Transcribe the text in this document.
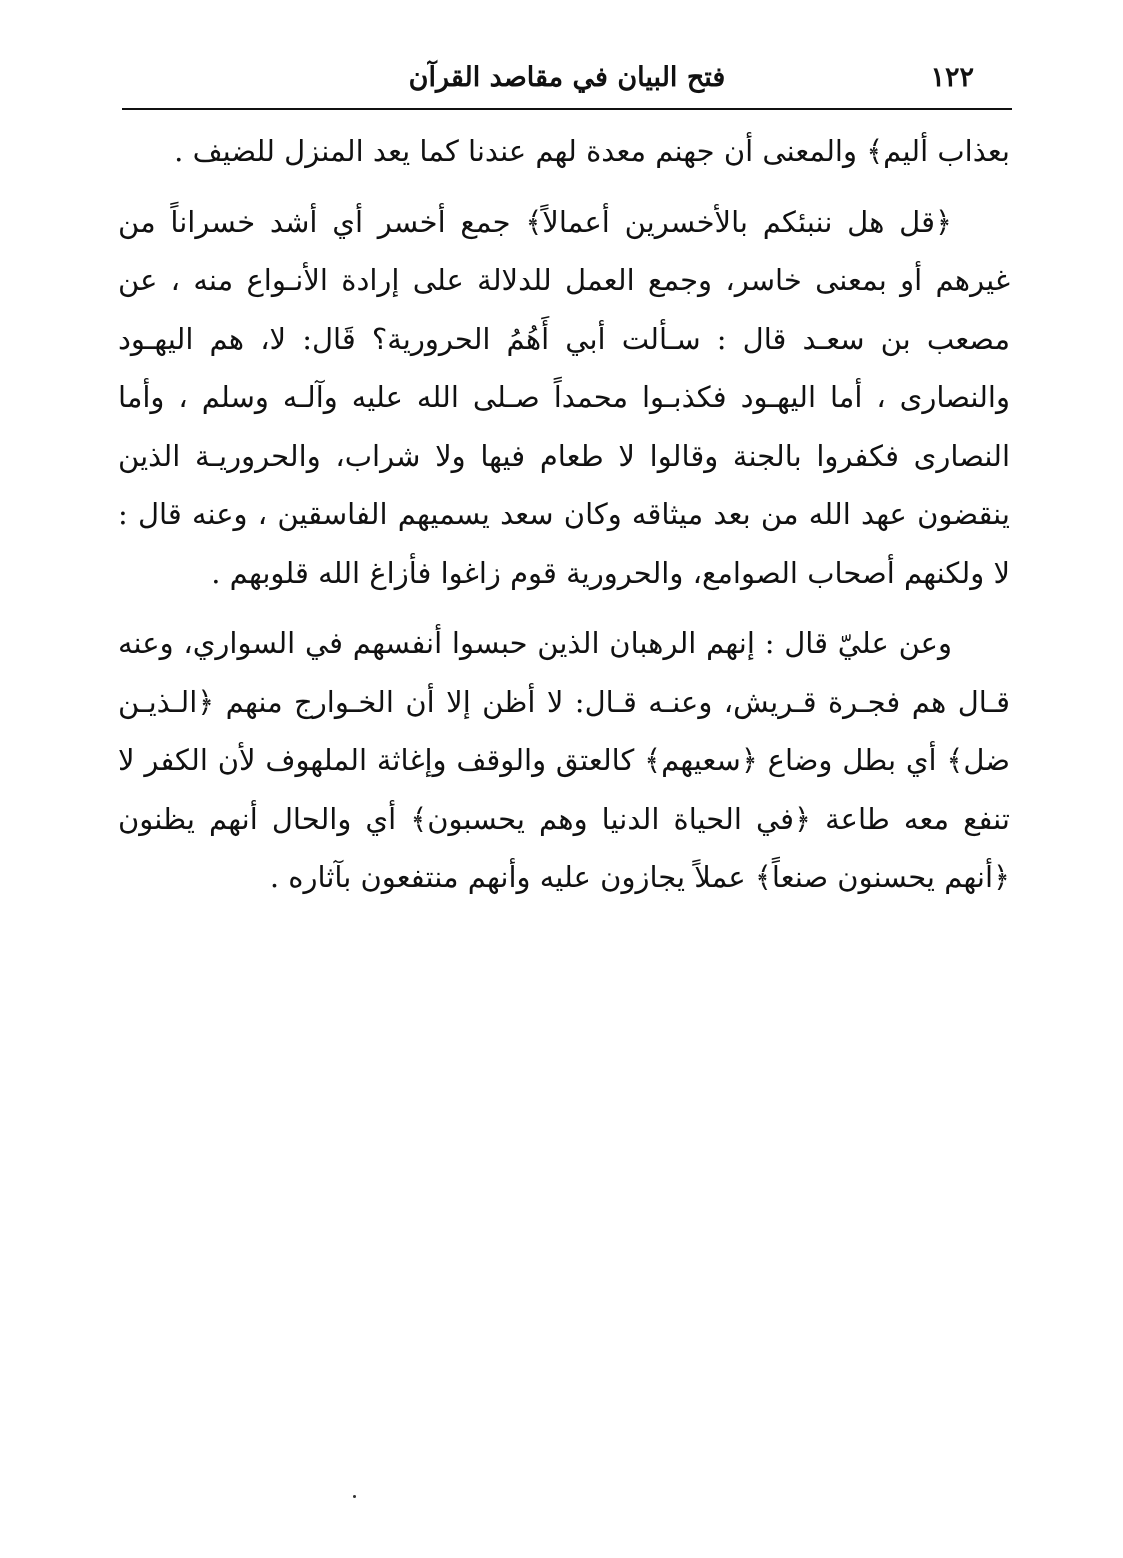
١٢٢
فتح البيان في مقاصد القرآن

بعذاب أليم﴾ والمعنى أن جهنم معدة لهم عندنا كما يعد المنزل للضيف .

﴿قل هل ننبئكم بالأخسرين أعمالاً﴾ جمع أخسر أي أشد خسراناً من غيرهم أو بمعنى خاسر، وجمع العمل للدلالة على إرادة الأنـواع منه ، عن مصعب بن سعـد قال : سـألت أبي أَهُمُ الحرورية؟ قَال: لا، هم اليهـود والنصارى ، أما اليهـود فكذبـوا محمداً صـلى الله عليه وآلـه وسلم ، وأما النصارى فكفروا بالجنة وقالوا لا طعام فيها ولا شراب، والحروريـة الذين ينقضون عهد الله من بعد ميثاقه وكان سعد يسميهم الفاسقين ، وعنه قال : لا ولكنهم أصحاب الصوامع، والحرورية قوم زاغوا فأزاغ الله قلوبهم .

وعن عليّ قال : إنهم الرهبان الذين حبسوا أنفسهم في السواري، وعنه قـال هم فجـرة قـريش، وعنـه قـال: لا أظن إلا أن الخـوارج منهم ﴿الـذيـن ضل﴾ أي بطل وضاع ﴿سعيهم﴾ كالعتق والوقف وإغاثة الملهوف لأن الكفر لا تنفع معه طاعة ﴿في الحياة الدنيا وهم يحسبون﴾ أي والحال أنهم يظنون ﴿أنهم يحسنون صنعاً﴾ عملاً يجازون عليه وأنهم منتفعون بآثاره .
